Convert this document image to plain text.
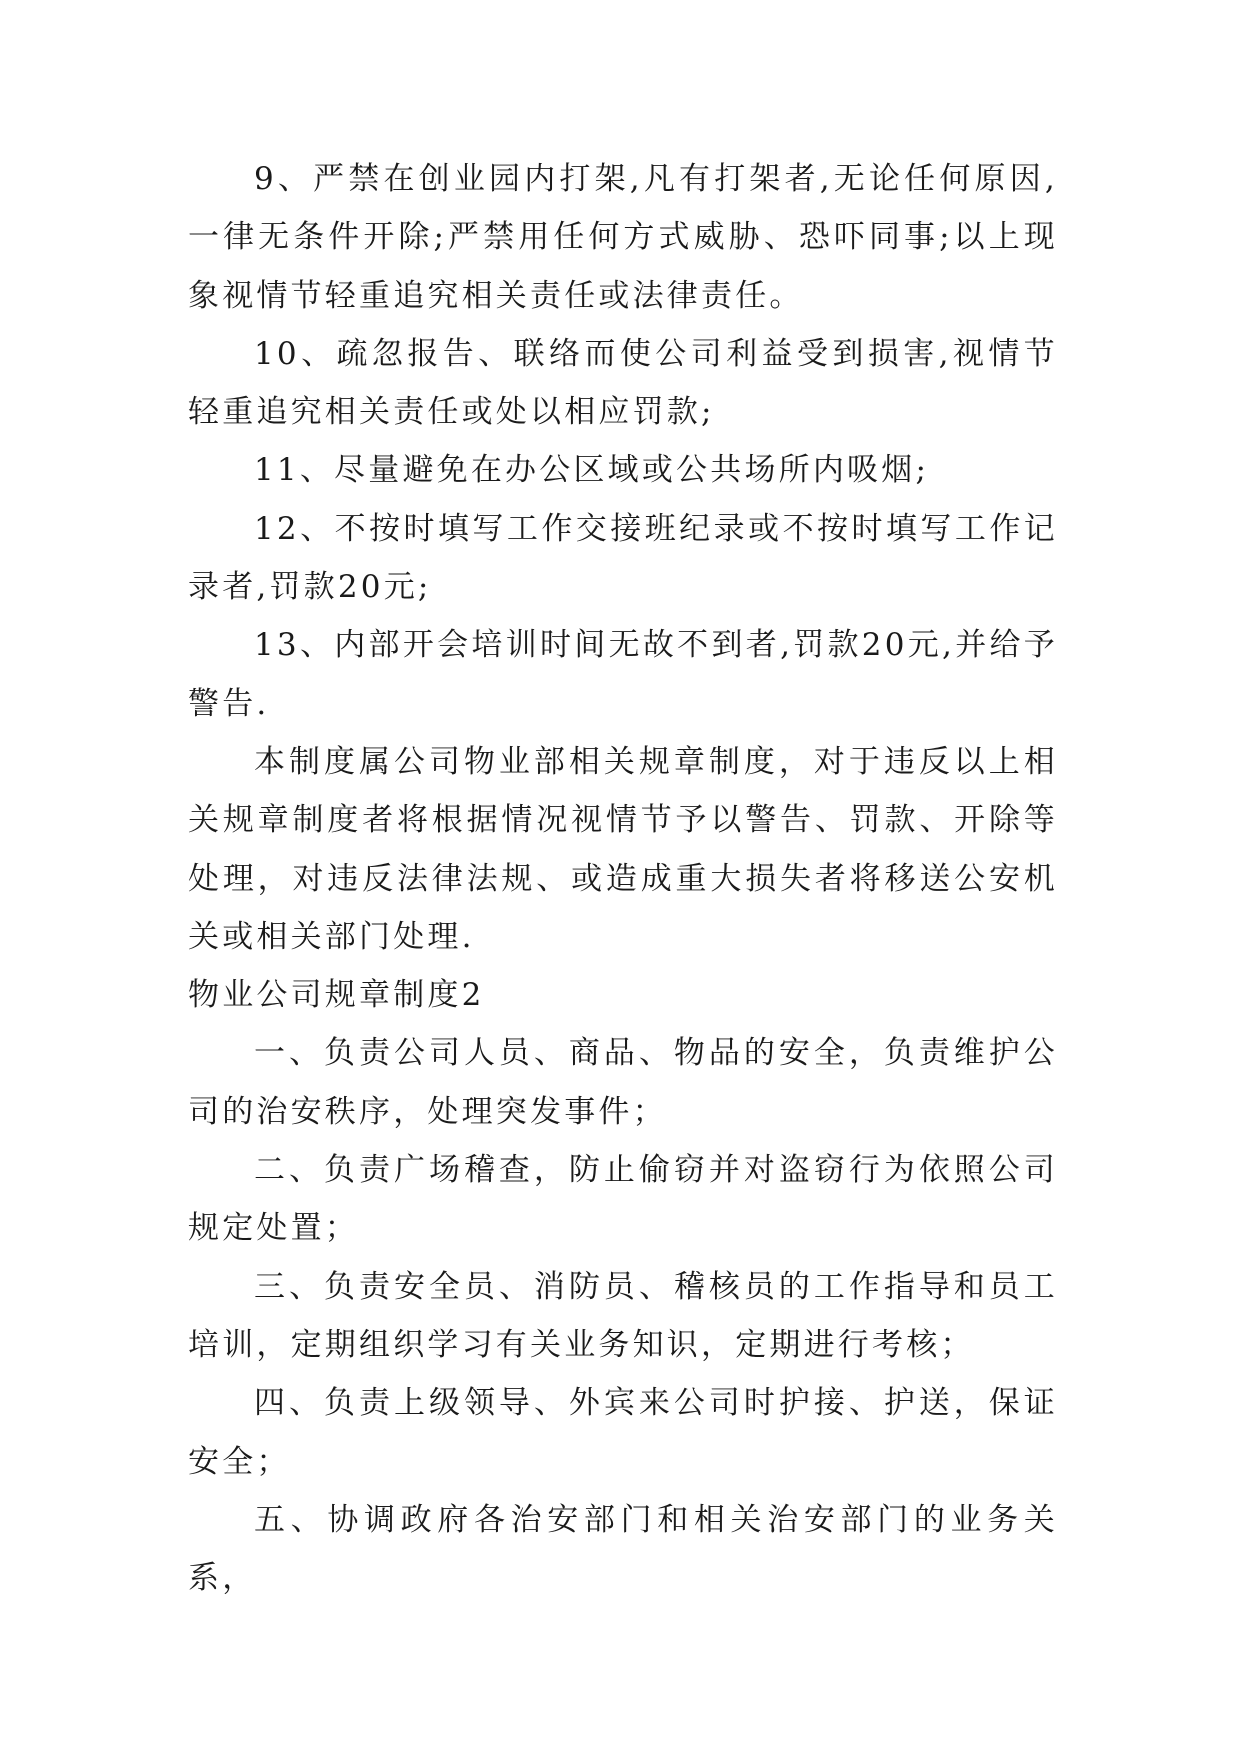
9、严禁在创业园内打架,凡有打架者,无论任何原因,一律无条件开除;严禁用任何方式威胁、恐吓同事;以上现象视情节轻重追究相关责任或法律责任。

10、疏忽报告、联络而使公司利益受到损害,视情节轻重追究相关责任或处以相应罚款;

11、尽量避免在办公区域或公共场所内吸烟;

12、不按时填写工作交接班纪录或不按时填写工作记录者,罚款20元;

13、内部开会培训时间无故不到者,罚款20元,并给予警告.

本制度属公司物业部相关规章制度，对于违反以上相关规章制度者将根据情况视情节予以警告、罚款、开除等处理，对违反法律法规、或造成重大损失者将移送公安机关或相关部门处理.

物业公司规章制度2

一、负责公司人员、商品、物品的安全，负责维护公司的治安秩序，处理突发事件；

二、负责广场稽查，防止偷窃并对盗窃行为依照公司规定处置；

三、负责安全员、消防员、稽核员的工作指导和员工培训，定期组织学习有关业务知识，定期进行考核；

四、负责上级领导、外宾来公司时护接、护送，保证安全；

五、协调政府各治安部门和相关治安部门的业务关系，
